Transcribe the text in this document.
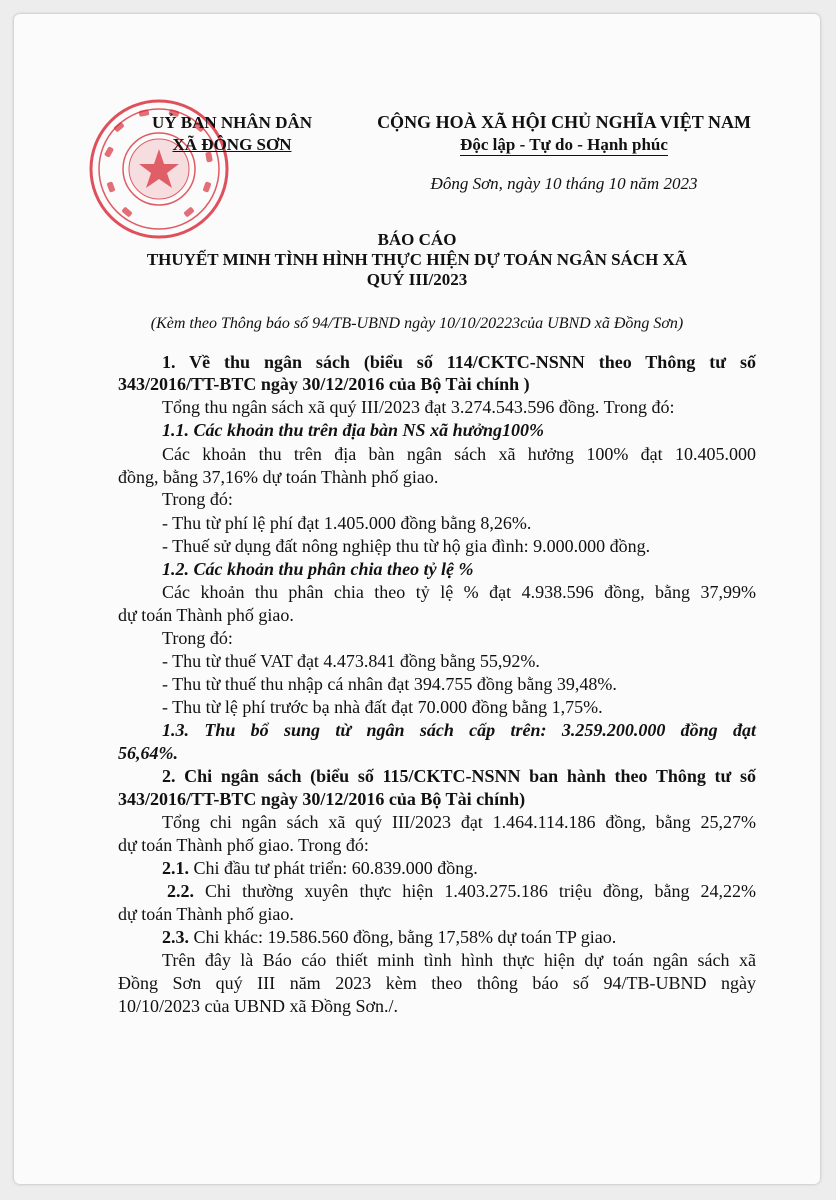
UỶ BAN NHÂN DÂN
XÃ ĐÔNG SƠN
CỘNG HOÀ XÃ HỘI CHỦ NGHĨA VIỆT NAM
Độc lập - Tự do - Hạnh phúc
Đông Sơn, ngày 10 tháng 10 năm 2023
BÁO CÁO
THUYẾT MINH TÌNH HÌNH THỰC HIỆN DỰ TOÁN NGÂN SÁCH XÃ
QUÝ III/2023
(Kèm theo Thông báo số 94/TB-UBND ngày 10/10/20223của UBND xã Đồng Sơn)
1. Về thu ngân sách (biểu số 114/CKTC-NSNN theo Thông tư số
343/2016/TT-BTC ngày 30/12/2016 của Bộ Tài chính )
Tổng thu ngân sách xã quý III/2023 đạt 3.274.543.596 đồng. Trong đó:
1.1. Các khoản thu trên địa bàn NS xã hưởng100%
Các khoản thu trên địa bàn ngân sách xã hưởng 100% đạt 10.405.000
đồng, bằng 37,16% dự toán Thành phố giao.
Trong đó:
- Thu từ phí lệ phí đạt 1.405.000 đồng bằng 8,26%.
- Thuế sử dụng đất nông nghiệp thu từ hộ gia đình: 9.000.000 đồng.
1.2. Các khoản thu phân chia theo tỷ lệ %
Các khoản thu phân chia theo tỷ lệ % đạt 4.938.596 đồng, bằng 37,99%
dự toán Thành phố giao.
Trong đó:
- Thu từ thuế VAT đạt 4.473.841 đồng bằng 55,92%.
- Thu từ thuế thu nhập cá nhân đạt 394.755 đồng bằng 39,48%.
- Thu từ lệ phí trước bạ nhà đất đạt 70.000 đồng bằng 1,75%.
1.3. Thu bổ sung từ ngân sách cấp trên: 3.259.200.000 đồng đạt
56,64%.
2. Chi ngân sách (biểu số 115/CKTC-NSNN ban hành theo Thông tư số
343/2016/TT-BTC ngày 30/12/2016 của Bộ Tài chính)
Tổng chi ngân sách xã quý III/2023 đạt 1.464.114.186 đồng, bằng 25,27%
dự toán Thành phố giao. Trong đó:
2.1. Chi đầu tư phát triển: 60.839.000 đồng.
2.2. Chi thường xuyên thực hiện 1.403.275.186 triệu đồng, bằng 24,22%
dự toán Thành phố giao.
2.3. Chi khác: 19.586.560 đồng, bằng 17,58% dự toán TP giao.
Trên đây là Báo cáo thiết minh tình hình thực hiện dự toán ngân sách xã
Đồng Sơn quý III năm 2023 kèm theo thông báo số 94/TB-UBND ngày
10/10/2023 của UBND xã Đồng Sơn./.
